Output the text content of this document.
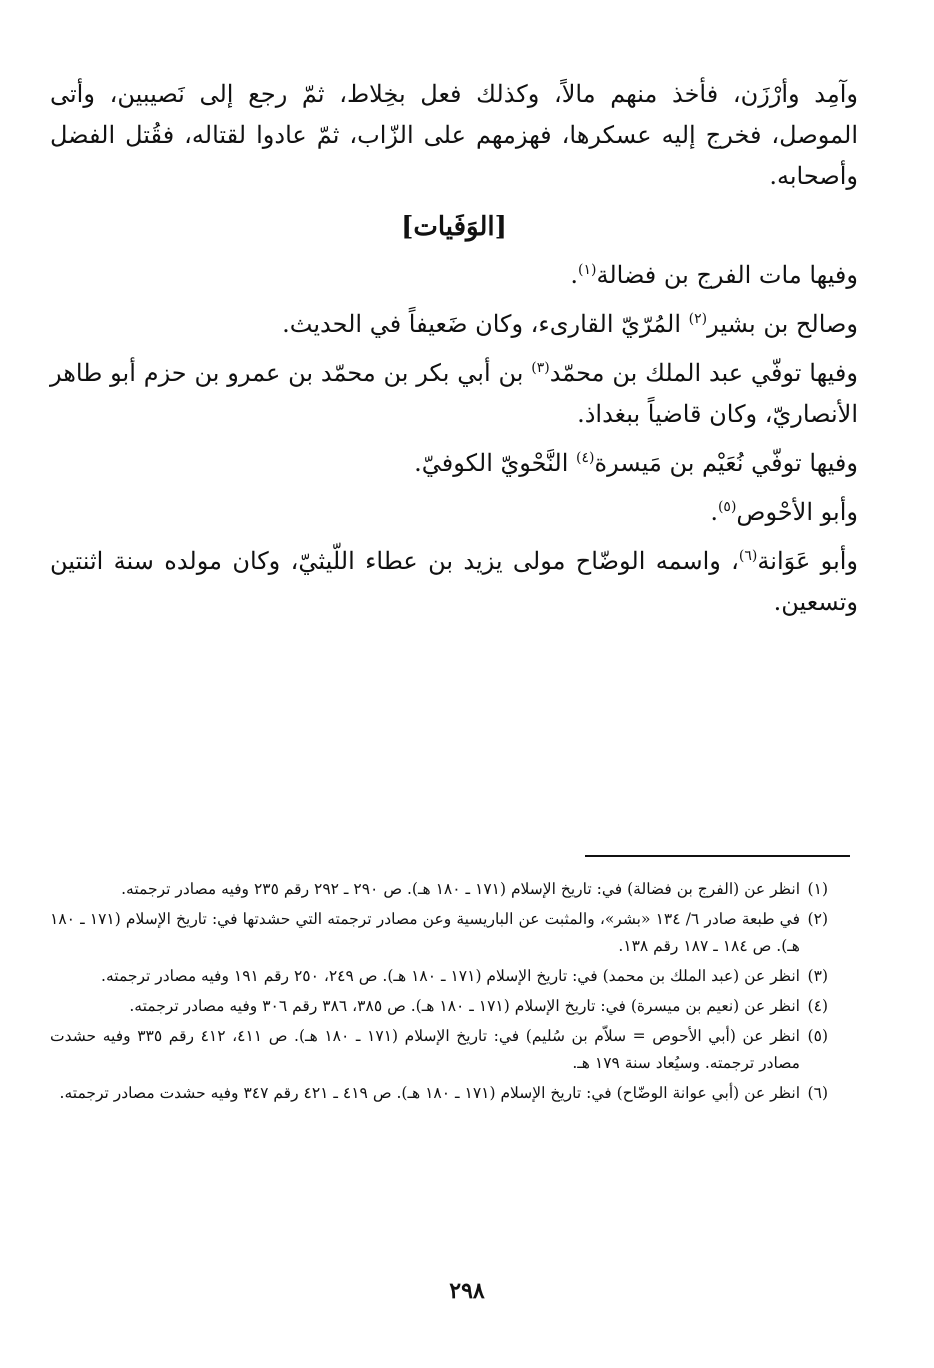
وآمِد وأرْزَن، فأخذ منهم مالاً، وكذلك فعل بخِلاط، ثمّ رجع إلى نَصيبين، وأتى الموصل، فخرج إليه عسكرها، فهزمهم على الزّاب، ثمّ عادوا لقتاله، فقُتل الفضل وأصحابه.

[الوَفَيات]

وفيها مات الفرج بن فضالة$^{(١)}$.

وصالح بن بشير$^{(٢)}$ المُرّيّ القارىء، وكان ضَعيفاً في الحديث.

وفيها توفّي عبد الملك بن محمّد$^{(٣)}$ بن أبي بكر بن محمّد بن عمرو بن حزم أبو طاهر الأنصاريّ، وكان قاضياً ببغداذ.

وفيها توفّي نُعَيْم بن مَيسرة$^{(٤)}$ النَّحْويّ الكوفيّ.

وأبو الأحْوص$^{(٥)}$.

وأبو عَوَانة$^{(٦)}$، واسمه الوضّاح مولى يزيد بن عطاء اللّيثيّ، وكان مولده سنة اثنتين وتسعين.

(١)
انظر عن (الفرج بن فضالة) في: تاريخ الإسلام (١٧١ ـ ١٨٠ هـ). ص ٢٩٠ ـ ٢٩٢ رقم ٢٣٥ وفيه مصادر ترجمته.
(٢)
في طبعة صادر ٦/ ١٣٤ «بشر»، والمثبت عن الباريسية وعن مصادر ترجمته التي حشدتها في: تاريخ الإسلام (١٧١ ـ ١٨٠ هـ). ص ١٨٤ ـ ١٨٧ رقم ١٣٨.
(٣)
انظر عن (عبد الملك بن محمد) في: تاريخ الإسلام (١٧١ ـ ١٨٠ هـ). ص ٢٤٩، ٢٥٠ رقم ١٩١ وفيه مصادر ترجمته.
(٤)
انظر عن (نعيم بن ميسرة) في: تاريخ الإسلام (١٧١ ـ ١٨٠ هـ). ص ٣٨٥، ٣٨٦ رقم ٣٠٦ وفيه مصادر ترجمته.
(٥)
انظر عن (أبي الأحوص = سلاّم بن سُليم) في: تاريخ الإسلام (١٧١ ـ ١٨٠ هـ). ص ٤١١، ٤١٢ رقم ٣٣٥ وفيه حشدت مصادر ترجمته. وسيُعاد سنة ١٧٩ هـ.
(٦)
انظر عن (أبي عوانة الوضّاح) في: تاريخ الإسلام (١٧١ ـ ١٨٠ هـ). ص ٤١٩ ـ ٤٢١ رقم ٣٤٧ وفيه حشدت مصادر ترجمته.
٢٩٨
